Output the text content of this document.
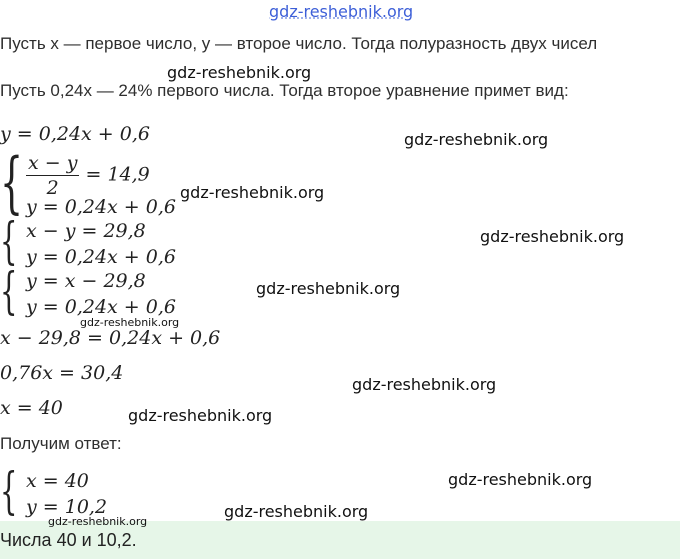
gdz-reshebnik.org
Пусть x — первое число, y — второе число. Тогда полуразность двух чисел
Пусть 0,24x — 24% первого числа. Тогда второе уравнение примет вид:
y = 0,24x + 0,6
{ $\frac{x - y}{2} = 14,9$
y = 0,24x + 0,6
{ x − y = 29,8
y = 0,24x + 0,6
{ y = x − 29,8
y = 0,24x + 0,6
x − 29,8 = 0,24x + 0,6
0,76x = 30,4
x = 40
Получим ответ:
{ x = 40
y = 10,2
Числа 40 и 10,2.
gdz-reshebnik.org
gdz-reshebnik.org
gdz-reshebnik.org
gdz-reshebnik.org
gdz-reshebnik.org
gdz-reshebnik.org
gdz-reshebnik.org
gdz-reshebnik.org
gdz-reshebnik.org
gdz-reshebnik.org
gdz-reshebnik.org
